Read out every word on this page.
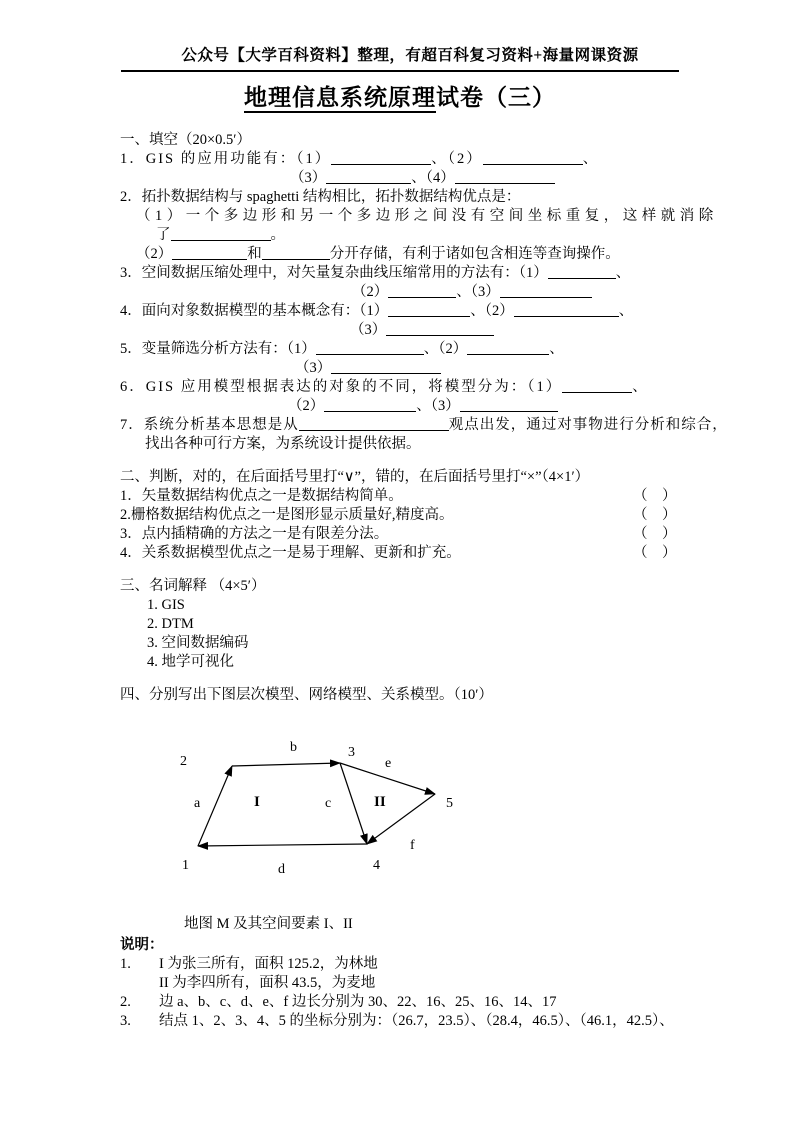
公众号【大学百科资料】整理，有超百科复习资料+海量网课资源
地理信息系统原理试卷（三）
一、填空（20×0.5′）
1．GIS 的应用功能有：（1）	、（2）	、
（3）	、（4）
2．拓扑数据结构与 spaghetti 结构相比，拓扑数据结构优点是：
（1）一个多边形和另一个多边形之间没有空间坐标重复，这样就消除
了	。
（2）	和	分开存储，有利于诸如包含相连等查询操作。
3．空间数据压缩处理中，对矢量复杂曲线压缩常用的方法有：（1）	、
（2）	、（3）
4．面向对象数据模型的基本概念有：（1）	、（2）	、
（3）
5．变量筛选分析方法有：（1）	、（2）	、
（3）
6．GIS 应用模型根据表达的对象的不同，将模型分为：（1）	、
（2）	、（3）
7．系统分析基本思想是从	观点出发，通过对事物进行分析和综合，
找出各种可行方案，为系统设计提供依据。
二、判断，对的，在后面括号里打“∨”，错的，在后面括号里打“×”（4×1′）
1．矢量数据结构优点之一是数据结构简单。	（　）
2.栅格数据结构优点之一是图形显示质量好,精度高。	（　）
3．点内插精确的方法之一是有限差分法。	（　）
4．关系数据模型优点之一是易于理解、更新和扩充。	（　）
三、名词解释 （4×5′）
1. GIS
2. DTM
3. 空间数据编码
4. 地学可视化
四、分别写出下图层次模型、网络模型、关系模型。（10′）
a
b
c
d
e
f
1
2
3
4
5
I	II
地图 M 及其空间要素 I、II
说明：
1.	I 为张三所有，面积 125.2，为林地
II 为李四所有，面积 43.5，为麦地
2.	边 a、b、c、d、e、f 边长分别为 30、22、16、25、16、14、17
3.	结点 1、2、3、4、5 的坐标分别为：（26.7，23.5）、（28.4，46.5）、（46.1，42.5）、
